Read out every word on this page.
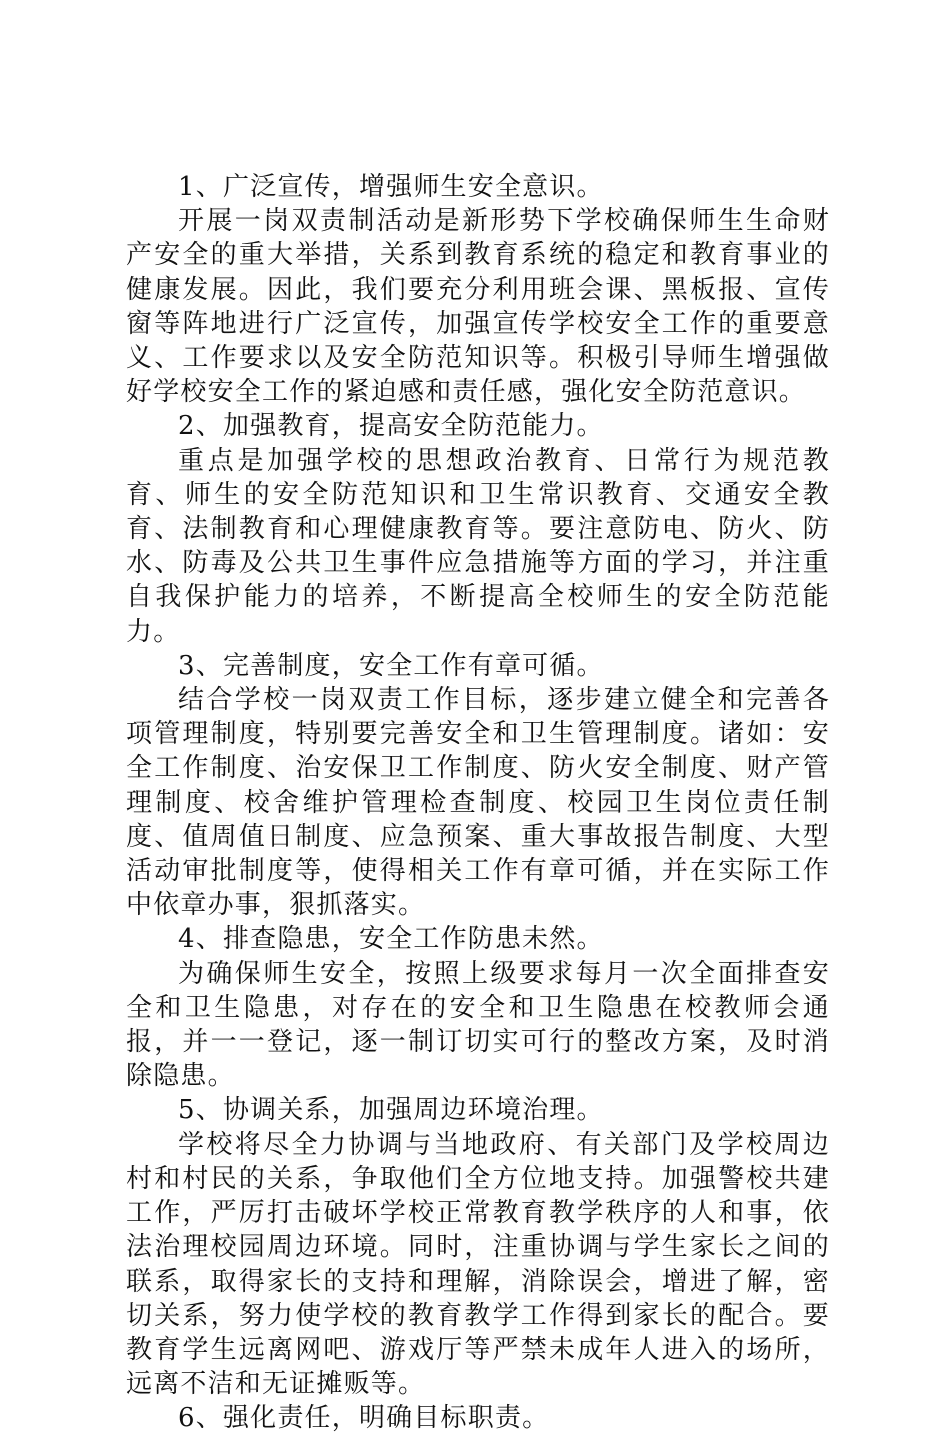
1、广泛宣传，增强师生安全意识。

开展一岗双责制活动是新形势下学校确保师生生命财产安全的重大举措，关系到教育系统的稳定和教育事业的健康发展。因此，我们要充分利用班会课、黑板报、宣传窗等阵地进行广泛宣传，加强宣传学校安全工作的重要意义、工作要求以及安全防范知识等。积极引导师生增强做好学校安全工作的紧迫感和责任感，强化安全防范意识。

2、加强教育，提高安全防范能力。

重点是加强学校的思想政治教育、日常行为规范教育、师生的安全防范知识和卫生常识教育、交通安全教育、法制教育和心理健康教育等。要注意防电、防火、防水、防毒及公共卫生事件应急措施等方面的学习，并注重自我保护能力的培养，不断提高全校师生的安全防范能力。

3、完善制度，安全工作有章可循。

结合学校一岗双责工作目标，逐步建立健全和完善各项管理制度，特别要完善安全和卫生管理制度。诸如：安全工作制度、治安保卫工作制度、防火安全制度、财产管理制度、校舍维护管理检查制度、校园卫生岗位责任制度、值周值日制度、应急预案、重大事故报告制度、大型活动审批制度等，使得相关工作有章可循，并在实际工作中依章办事，狠抓落实。

4、排查隐患，安全工作防患未然。

为确保师生安全，按照上级要求每月一次全面排查安全和卫生隐患，对存在的安全和卫生隐患在校教师会通报，并一一登记，逐一制订切实可行的整改方案，及时消除隐患。

5、协调关系，加强周边环境治理。

学校将尽全力协调与当地政府、有关部门及学校周边村和村民的关系，争取他们全方位地支持。加强警校共建工作，严厉打击破坏学校正常教育教学秩序的人和事，依法治理校园周边环境。同时，注重协调与学生家长之间的联系，取得家长的支持和理解，消除误会，增进了解，密切关系，努力使学校的教育教学工作得到家长的配合。要教育学生远离网吧、游戏厅等严禁未成年人进入的场所，远离不洁和无证摊贩等。

6、强化责任，明确目标职责。
